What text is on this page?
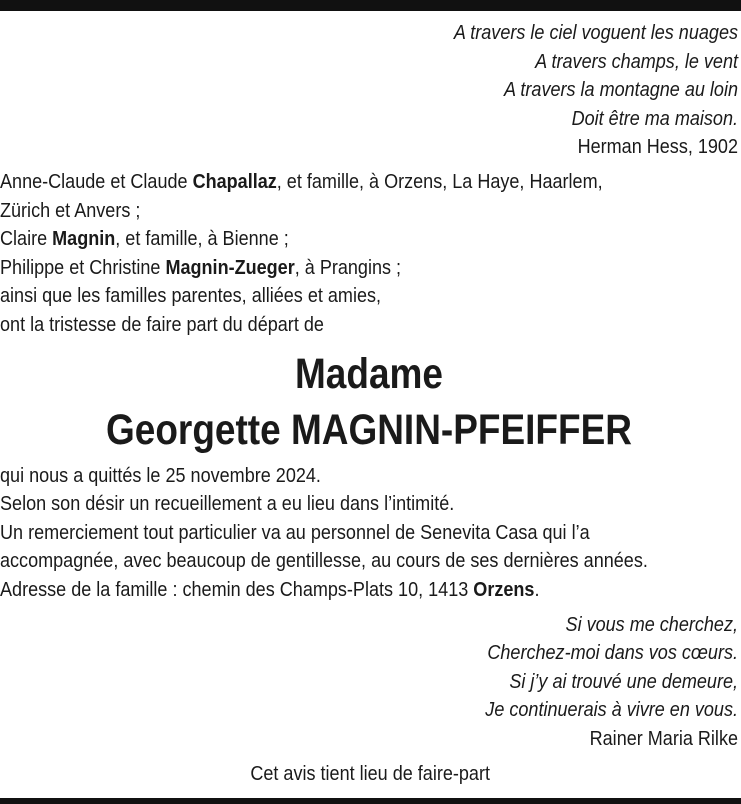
A travers le ciel voguent les nuages
A travers champs, le vent
A travers la montagne au loin
Doit être ma maison.
Herman Hess, 1902
Anne-Claude et Claude Chapallaz, et famille, à Orzens, La Haye, Haarlem,
Zürich et Anvers ;
Claire Magnin, et famille, à Bienne ;
Philippe et Christine Magnin-Zueger, à Prangins ;
ainsi que les familles parentes, alliées et amies,
ont la tristesse de faire part du départ de
Madame
Georgette MAGNIN-PFEIFFER
qui nous a quittés le 25 novembre 2024.
Selon son désir un recueillement a eu lieu dans l’intimité.
Un remerciement tout particulier va au personnel de Senevita Casa qui l’a
accompagnée, avec beaucoup de gentillesse, au cours de ses dernières années.
Adresse de la famille : chemin des Champs-Plats 10, 1413 Orzens.
Si vous me cherchez,
Cherchez-moi dans vos cœurs.
Si j’y ai trouvé une demeure,
Je continuerais à vivre en vous.
Rainer Maria Rilke
Cet avis tient lieu de faire-part
